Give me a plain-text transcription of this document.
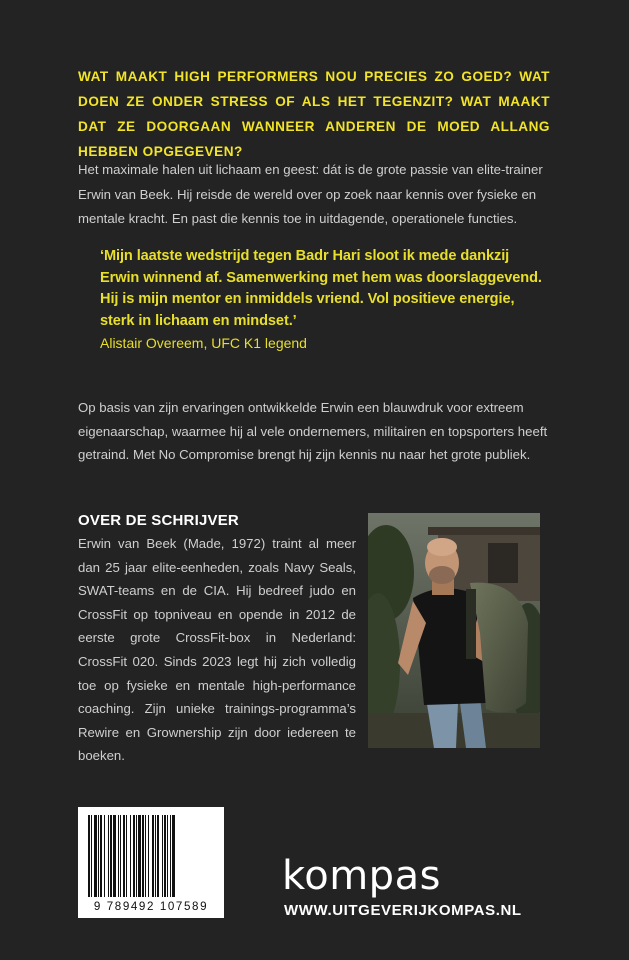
WAT MAAKT HIGH PERFORMERS NOU PRECIES ZO GOED? WAT DOEN ZE ONDER STRESS OF ALS HET TEGENZIT? WAT MAAKT DAT ZE DOORGAAN WANNEER ANDEREN DE MOED ALLANG HEBBEN OPGEGEVEN?
Het maximale halen uit lichaam en geest: dát is de grote passie van elite-trainer Erwin van Beek. Hij reisde de wereld over op zoek naar kennis over fysieke en mentale kracht. En past die kennis toe in uitdagende, operationele functies.
‘Mijn laatste wedstrijd tegen Badr Hari sloot ik mede dankzij Erwin winnend af. Samenwerking met hem was doorslaggevend. Hij is mijn mentor en inmiddels vriend. Vol positieve energie, sterk in lichaam en mindset.’
Alistair Overeem, UFC K1 legend
Op basis van zijn ervaringen ontwikkelde Erwin een blauwdruk voor extreem eigenaarschap, waarmee hij al vele ondernemers, militairen en topsporters heeft getraind. Met No Compromise brengt hij zijn kennis nu naar het grote publiek.
OVER DE SCHRIJVER
Erwin van Beek (Made, 1972) traint al meer dan 25 jaar elite-eenheden, zoals Navy Seals, SWAT-teams en de CIA. Hij bedreef judo en CrossFit op topniveau en opende in 2012 de eerste grote CrossFit-box in Nederland: CrossFit 020. Sinds 2023 legt hij zich volledig toe op fysieke en mentale high-performance coaching. Zijn unieke trainings-programma’s Rewire en Grownership zijn door iedereen te boeken.
9 789492 107589
kompas
WWW.UITGEVERIJKOMPAS.NL
